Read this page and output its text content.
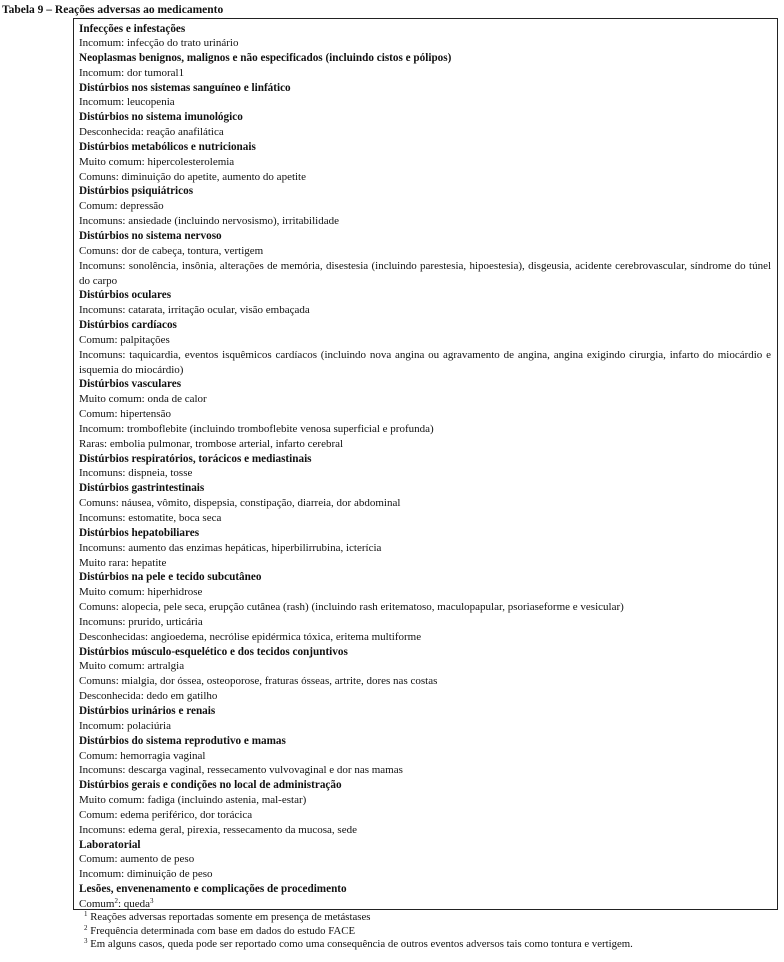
Tabela 9 – Reações adversas ao medicamento
Infecções e infestações
Incomum: infecção do trato urinário
Neoplasmas benignos, malignos e não especificados (incluindo cistos e pólipos)
Incomum: dor tumoral1
Distúrbios nos sistemas sanguíneo e linfático
Incomum: leucopenia
Distúrbios no sistema imunológico
Desconhecida: reação anafilática
Distúrbios metabólicos e nutricionais
Muito comum: hipercolesterolemia
Comuns: diminuição do apetite, aumento do apetite
Distúrbios psiquiátricos
Comum: depressão
Incomuns: ansiedade (incluindo nervosismo), irritabilidade
Distúrbios no sistema nervoso
Comuns: dor de cabeça, tontura, vertigem
Incomuns: sonolência, insônia, alterações de memória, disestesia (incluindo parestesia, hipoestesia), disgeusia, acidente cerebrovascular, síndrome do túnel do carpo
Distúrbios oculares
Incomuns: catarata, irritação ocular, visão embaçada
Distúrbios cardíacos
Comum: palpitações
Incomuns: taquicardia, eventos isquêmicos cardíacos (incluindo nova angina ou agravamento de angina, angina exigindo cirurgia, infarto do miocárdio e isquemia do miocárdio)
Distúrbios vasculares
Muito comum: onda de calor
Comum: hipertensão
Incomum: tromboflebite (incluindo tromboflebite venosa superficial e profunda)
Raras: embolia pulmonar, trombose arterial, infarto cerebral
Distúrbios respiratórios, torácicos e mediastinais
Incomuns: dispneia, tosse
Distúrbios gastrintestinais
Comuns: náusea, vômito, dispepsia, constipação, diarreia, dor abdominal
Incomuns: estomatite, boca seca
Distúrbios hepatobiliares
Incomuns: aumento das enzimas hepáticas, hiperbilirrubina, icterícia
Muito rara: hepatite
Distúrbios na pele e tecido subcutâneo
Muito comum: hiperhidrose
Comuns: alopecia, pele seca, erupção cutânea (rash) (incluindo rash eritematoso, maculopapular, psoriaseforme e vesicular)
Incomuns: prurido, urticária
Desconhecidas: angioedema, necrólise epidérmica tóxica, eritema multiforme
Distúrbios músculo-esquelético e dos tecidos conjuntivos
Muito comum: artralgia
Comuns: mialgia, dor óssea, osteoporose, fraturas ósseas, artrite, dores nas costas
Desconhecida: dedo em gatilho
Distúrbios urinários e renais
Incomum: polaciúria
Distúrbios do sistema reprodutivo e mamas
Comum: hemorragia vaginal
Incomuns: descarga vaginal, ressecamento vulvovaginal e dor nas mamas
Distúrbios gerais e condições no local de administração
Muito comum: fadiga (incluindo astenia, mal-estar)
Comum: edema periférico, dor torácica
Incomuns: edema geral, pirexia, ressecamento da mucosa, sede
Laboratorial
Comum: aumento de peso
Incomum: diminuição de peso
Lesões, envenenamento e complicações de procedimento
Comum$^2$: queda$^3$
$^1$ Reações adversas reportadas somente em presença de metástases
$^2$ Frequência determinada com base em dados do estudo FACE
$^3$ Em alguns casos, queda pode ser reportado como uma consequência de outros eventos adversos tais como tontura e vertigem.
